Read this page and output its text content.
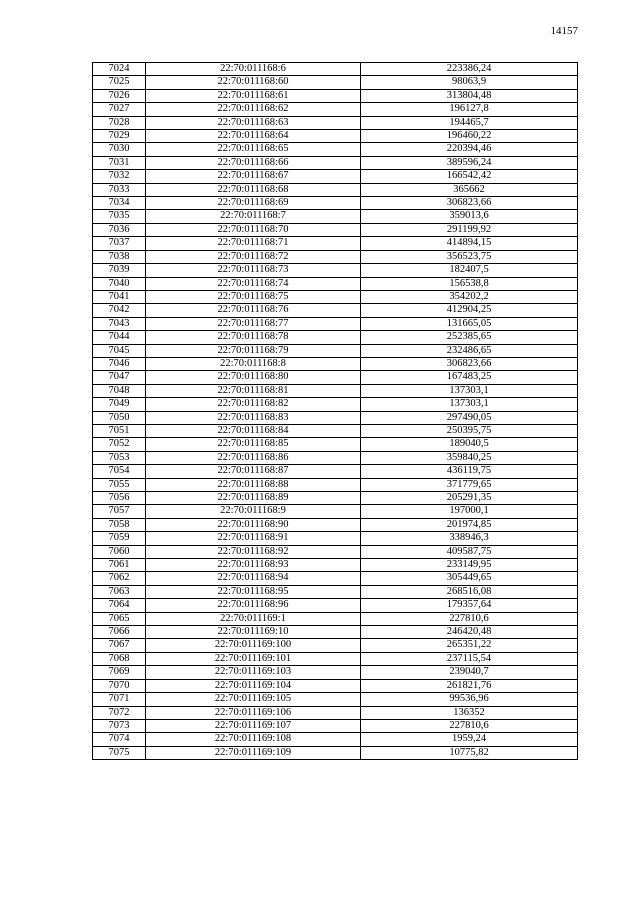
14157
7024	22:70:011168:6	223386,24
7025	22:70:011168:60	98063,9
7026	22:70:011168:61	313804,48
7027	22:70:011168:62	196127,8
7028	22:70:011168:63	194465,7
7029	22:70:011168:64	196460,22
7030	22:70:011168:65	220394,46
7031	22:70:011168:66	389596,24
7032	22:70:011168:67	166542,42
7033	22:70:011168:68	365662
7034	22:70:011168:69	306823,66
7035	22:70:011168:7	359013,6
7036	22:70:011168:70	291199,92
7037	22:70:011168:71	414894,15
7038	22:70:011168:72	356523,75
7039	22:70:011168:73	182407,5
7040	22:70:011168:74	156538,8
7041	22:70:011168:75	354202,2
7042	22:70:011168:76	412904,25
7043	22:70:011168:77	131665,05
7044	22:70:011168:78	252385,65
7045	22:70:011168:79	232486,65
7046	22:70:011168:8	306823,66
7047	22:70:011168:80	167483,25
7048	22:70:011168:81	137303,1
7049	22:70:011168:82	137303,1
7050	22:70:011168:83	297490,05
7051	22:70:011168:84	250395,75
7052	22:70:011168:85	189040,5
7053	22:70:011168:86	359840,25
7054	22:70:011168:87	436119,75
7055	22:70:011168:88	371779,65
7056	22:70:011168:89	205291,35
7057	22:70:011168:9	197000,1
7058	22:70:011168:90	201974,85
7059	22:70:011168:91	338946,3
7060	22:70:011168:92	409587,75
7061	22:70:011168:93	233149,95
7062	22:70:011168:94	305449,65
7063	22:70:011168:95	268516,08
7064	22:70:011168:96	179357,64
7065	22:70:011169:1	227810,6
7066	22:70:011169:10	246420,48
7067	22:70:011169:100	265351,22
7068	22:70:011169:101	237115,54
7069	22:70:011169:103	239040,7
7070	22:70:011169:104	261821,76
7071	22:70:011169:105	99536,96
7072	22:70:011169:106	136352
7073	22:70:011169:107	227810,6
7074	22:70:011169:108	1959,24
7075	22:70:011169:109	10775,82
